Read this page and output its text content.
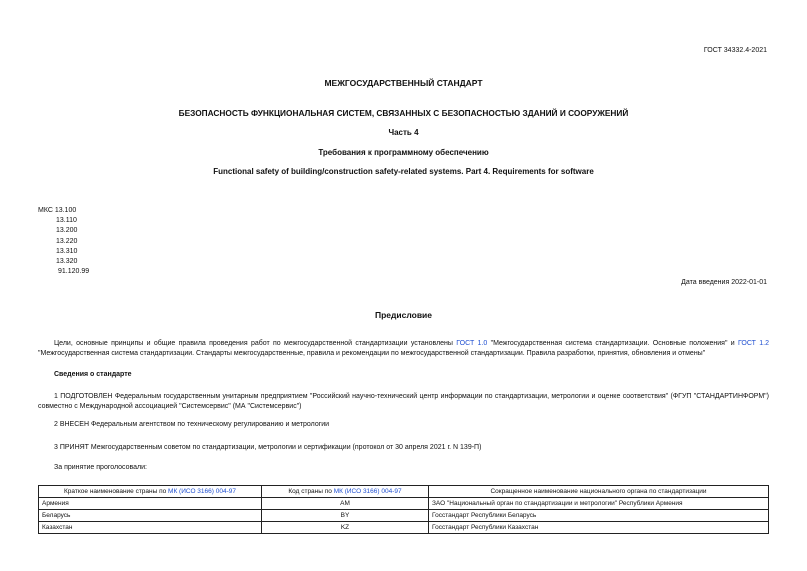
ГОСТ 34332.4-2021
МЕЖГОСУДАРСТВЕННЫЙ СТАНДАРТ
БЕЗОПАСНОСТЬ ФУНКЦИОНАЛЬНАЯ СИСТЕМ, СВЯЗАННЫХ С БЕЗОПАСНОСТЬЮ ЗДАНИЙ И СООРУЖЕНИЙ
Часть 4
Требования к программному обеспечению
Functional safety of building/construction safety-related systems. Part 4. Requirements for software
МКС 13.100
13.110
13.200
13.220
13.310
13.320
91.120.99
Дата введения 2022-01-01
Предисловие
Цели, основные принципы и общие правила проведения работ по межгосударственной стандартизации установлены ГОСТ 1.0 "Межгосударственная система стандартизации. Основные положения" и ГОСТ 1.2 "Межгосударственная система стандартизации. Стандарты межгосударственные, правила и рекомендации по межгосударственной стандартизации. Правила разработки, принятия, обновления и отмены"
Сведения о стандарте
1 ПОДГОТОВЛЕН Федеральным государственным унитарным предприятием "Российский научно-технический центр информации по стандартизации, метрологии и оценке соответствия" (ФГУП "СТАНДАРТИНФОРМ") совместно с Международной ассоциацией "Системсервис" (МА "Системсервис")
2 ВНЕСЕН Федеральным агентством по техническому регулированию и метрологии
3 ПРИНЯТ Межгосударственным советом по стандартизации, метрологии и сертификации (протокол от 30 апреля 2021 г. N 139-П)
За принятие проголосовали:
Краткое наименование страны по МК (ИСО 3166) 004-97	Код страны по МК (ИСО 3166) 004-97	Сокращенное наименование национального органа по стандартизации
Армения	AM	ЗАО "Национальный орган по стандартизации и метрологии" Республики Армения
Беларусь	BY	Госстандарт Республики Беларусь
Казахстан	KZ	Госстандарт Республики Казахстан
